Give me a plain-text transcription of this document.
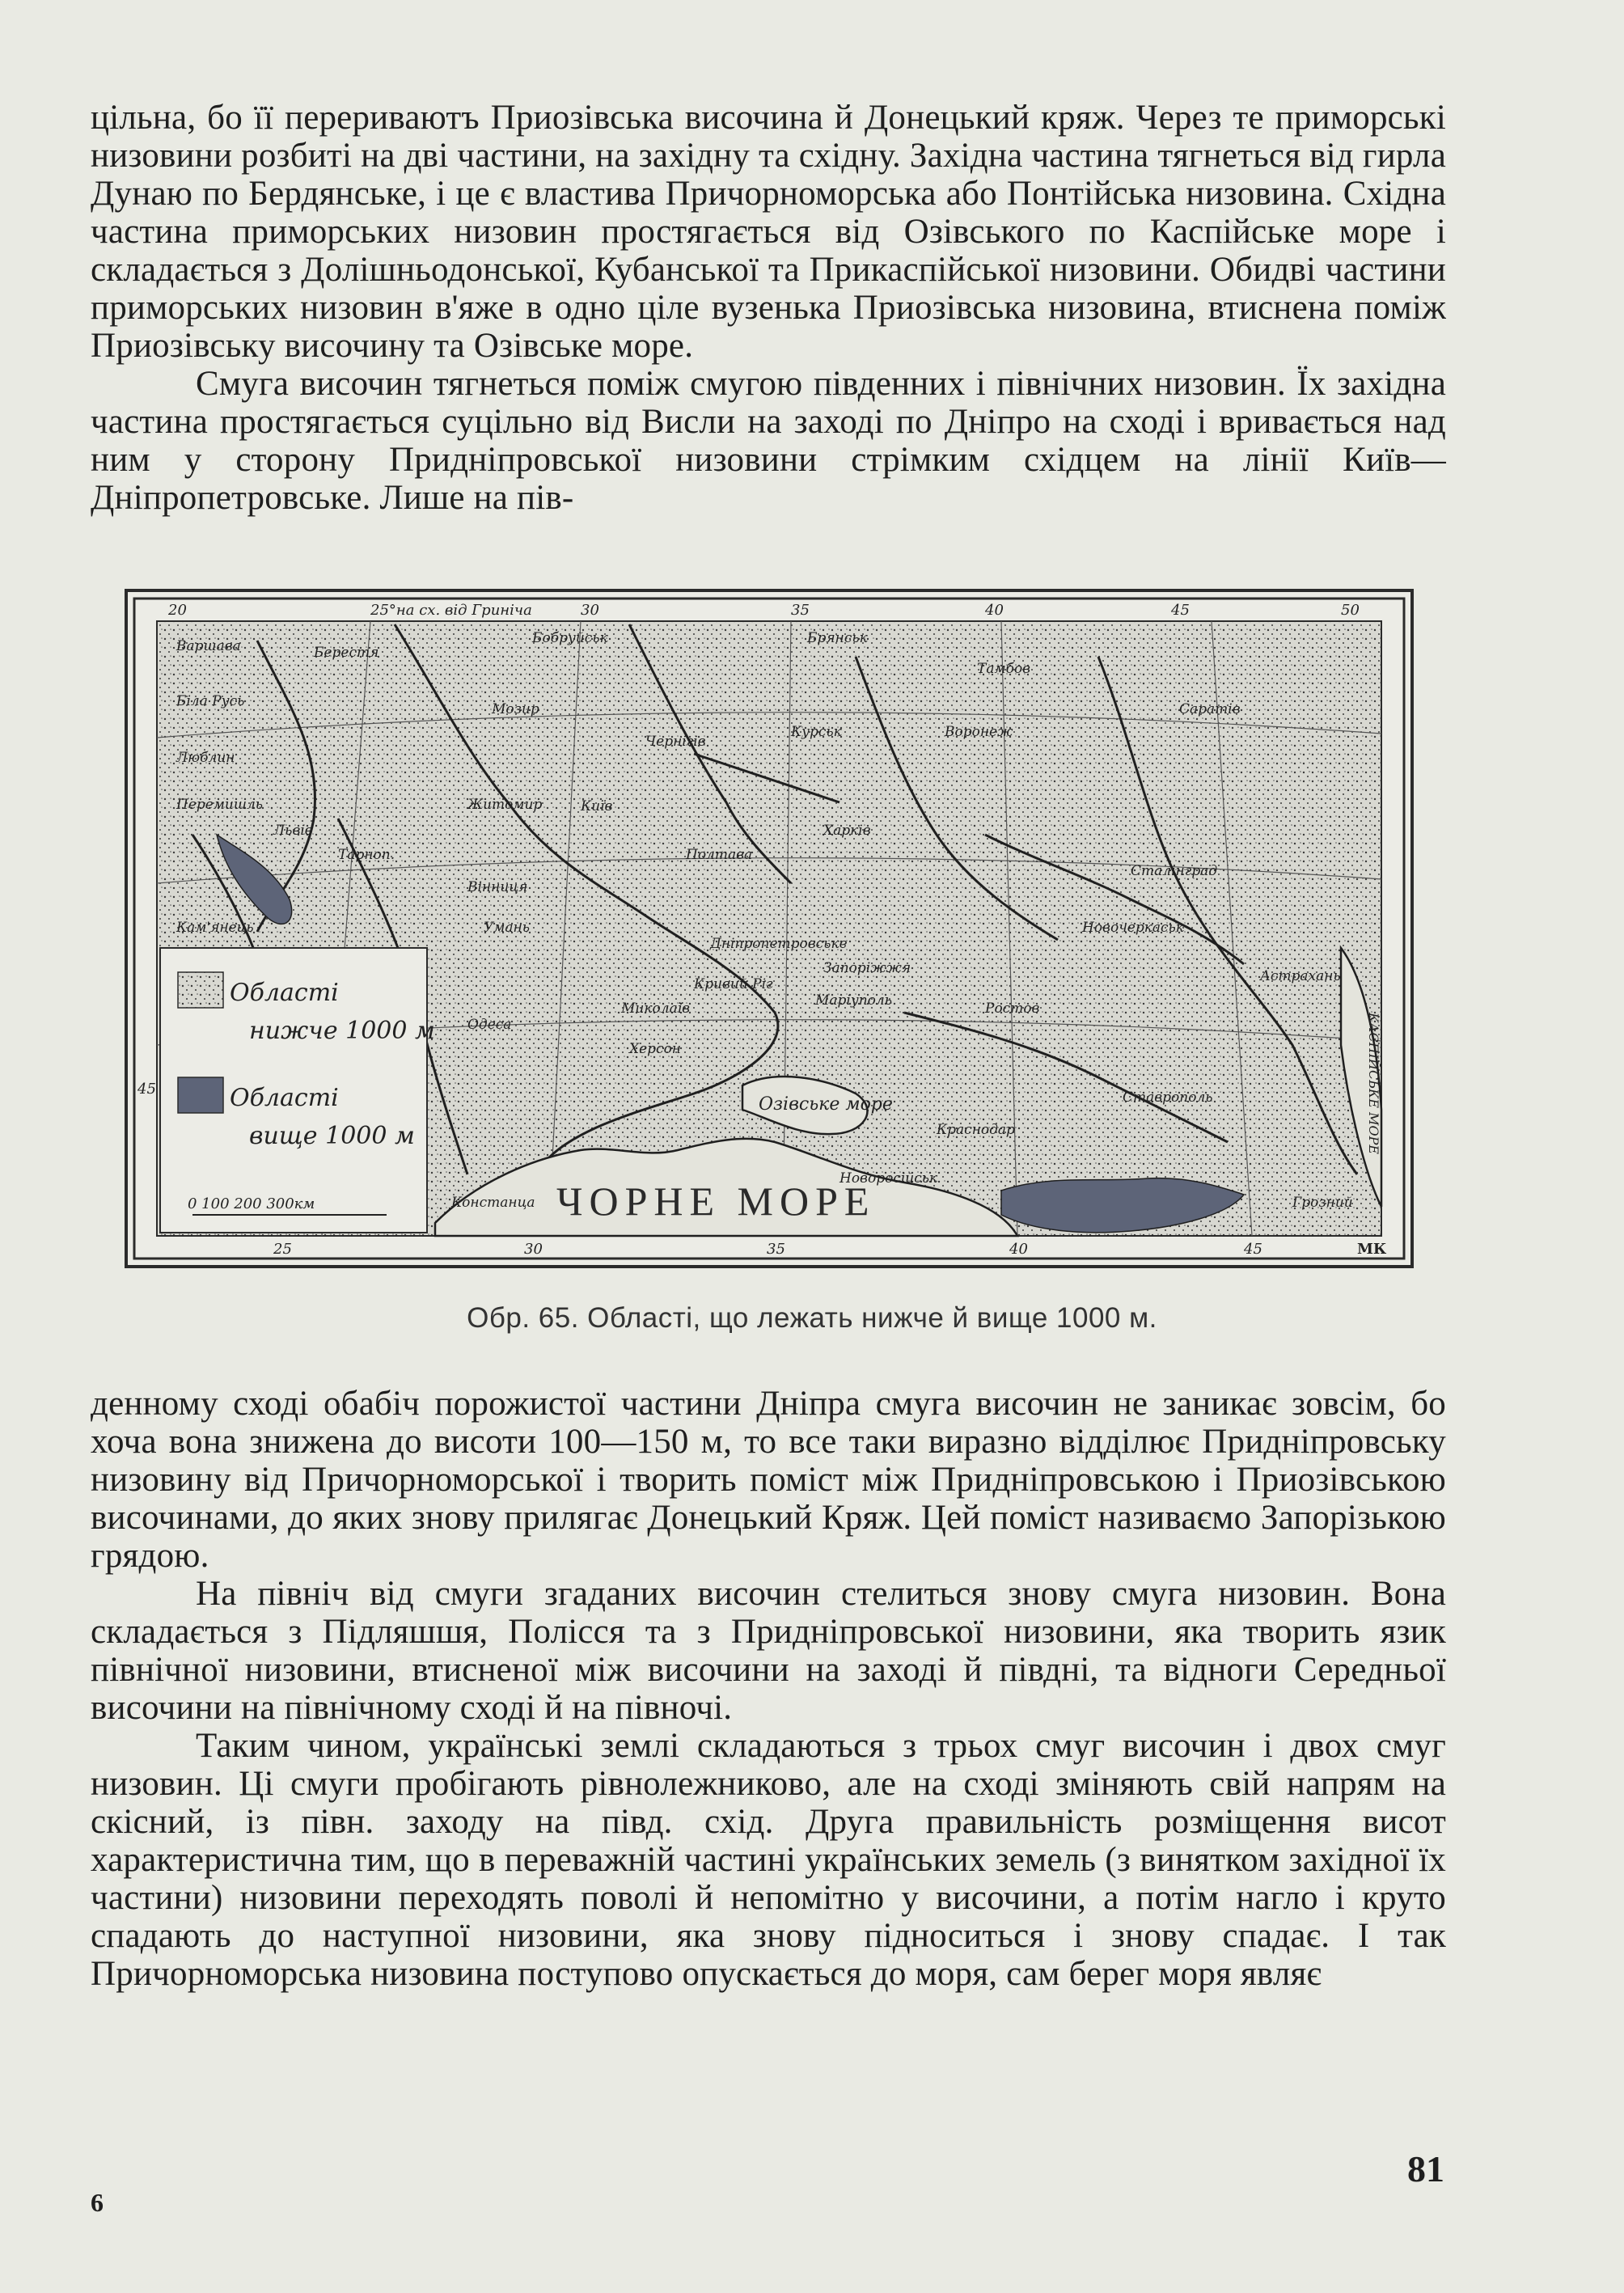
цільна, бо її перериваютъ Приозівська височина й Донецький кряж. Через те приморські низовини розбиті на дві частини, на західну та східну. Західна частина тягнеться від гирла Дунаю по Бердянське, і це є властива Причорноморська або Понтійська низовина. Східна частина приморських низовин простягається від Озівського по Каспійське море і складається з Долішньодонської, Кубанської та Прикаспійської низовини. Обидві частини приморських низовин в'яже в одно ціле вузенька Приозівська низовина, втиснена поміж Приозівську височину та Озівське море.

Смуга височин тягнеться поміж смугою південних і північних низовин. Їх західна частина простягається суцільно від Висли на заході по Дніпро на сході і вривається над ним у сторону Придніпровської низовини стрімким східцем на лінії Київ—Дніпропетровське. Лише на пів-

Області
нижче 1000 м
Області
вище 1000 м
0 100 200 300км
20	25°на сх. від Гриніча	30	35	40	45	50
25	30	35	40	45
45
Варшава	Берестя
Біла Русь
Бобруйськ	Брянськ
Мозир
Чернігів
Курськ
Тамбов
Воронеж
Саратів
Люблин
Перемишль
Львів
Житомир	Київ
Тарноп.	Полтава
Харків
Вінниця
Умань
Кам'янець
Дніпропетровське
Кривий Ріг
Запоріжжя
Миколаїв
Одеса
Херсон
Маріуполь	Ростов
Новочеркаськ
Сталінград
Астрахань
Ставрополь
Краснодар
Новоросійськ
Грозний
Констанца ЧОРНЕ МОРЕ
Озівське море	КАСПІЙСЬКЕ МОРЕ
МК
Обр. 65. Області, що лежать нижче й вище 1000 м.

денному сході обабіч порожистої частини Дніпра смуга височин не заникає зовсім, бо хоча вона знижена до висоти 100—150 м, то все таки виразно відділює Придніпровську низовину від Причорноморської і творить поміст між Придніпровською і Приозівською височинами, до яких знову прилягає Донецький Кряж. Цей поміст називаємо Запорізькою грядою.

На північ від смуги згаданих височин стелиться знову смуга низовин. Вона складається з Підляшшя, Полісся та з Придніпровської низовини, яка творить язик північної низовини, втисненої між височини на заході й півдні, та відноги Середньої височини на північному сході й на півночі.

Таким чином, українські землі складаються з трьох смуг височин і двох смуг низовин. Ці смуги пробігають рівнолежниково, але на сході зміняють свій напрям на скісний, із півн. заходу на півд. схід. Друга правильність розміщення висот характеристична тим, що в переважній частині українських земель (з винятком західної їх частини) низовини переходять поволі й непомітно у височини, а потім нагло і круто спадають до наступної низовини, яка знову підноситься і знову спадає. І так Причорноморська низовина поступово опускається до моря, сам берег моря являє

81
6
